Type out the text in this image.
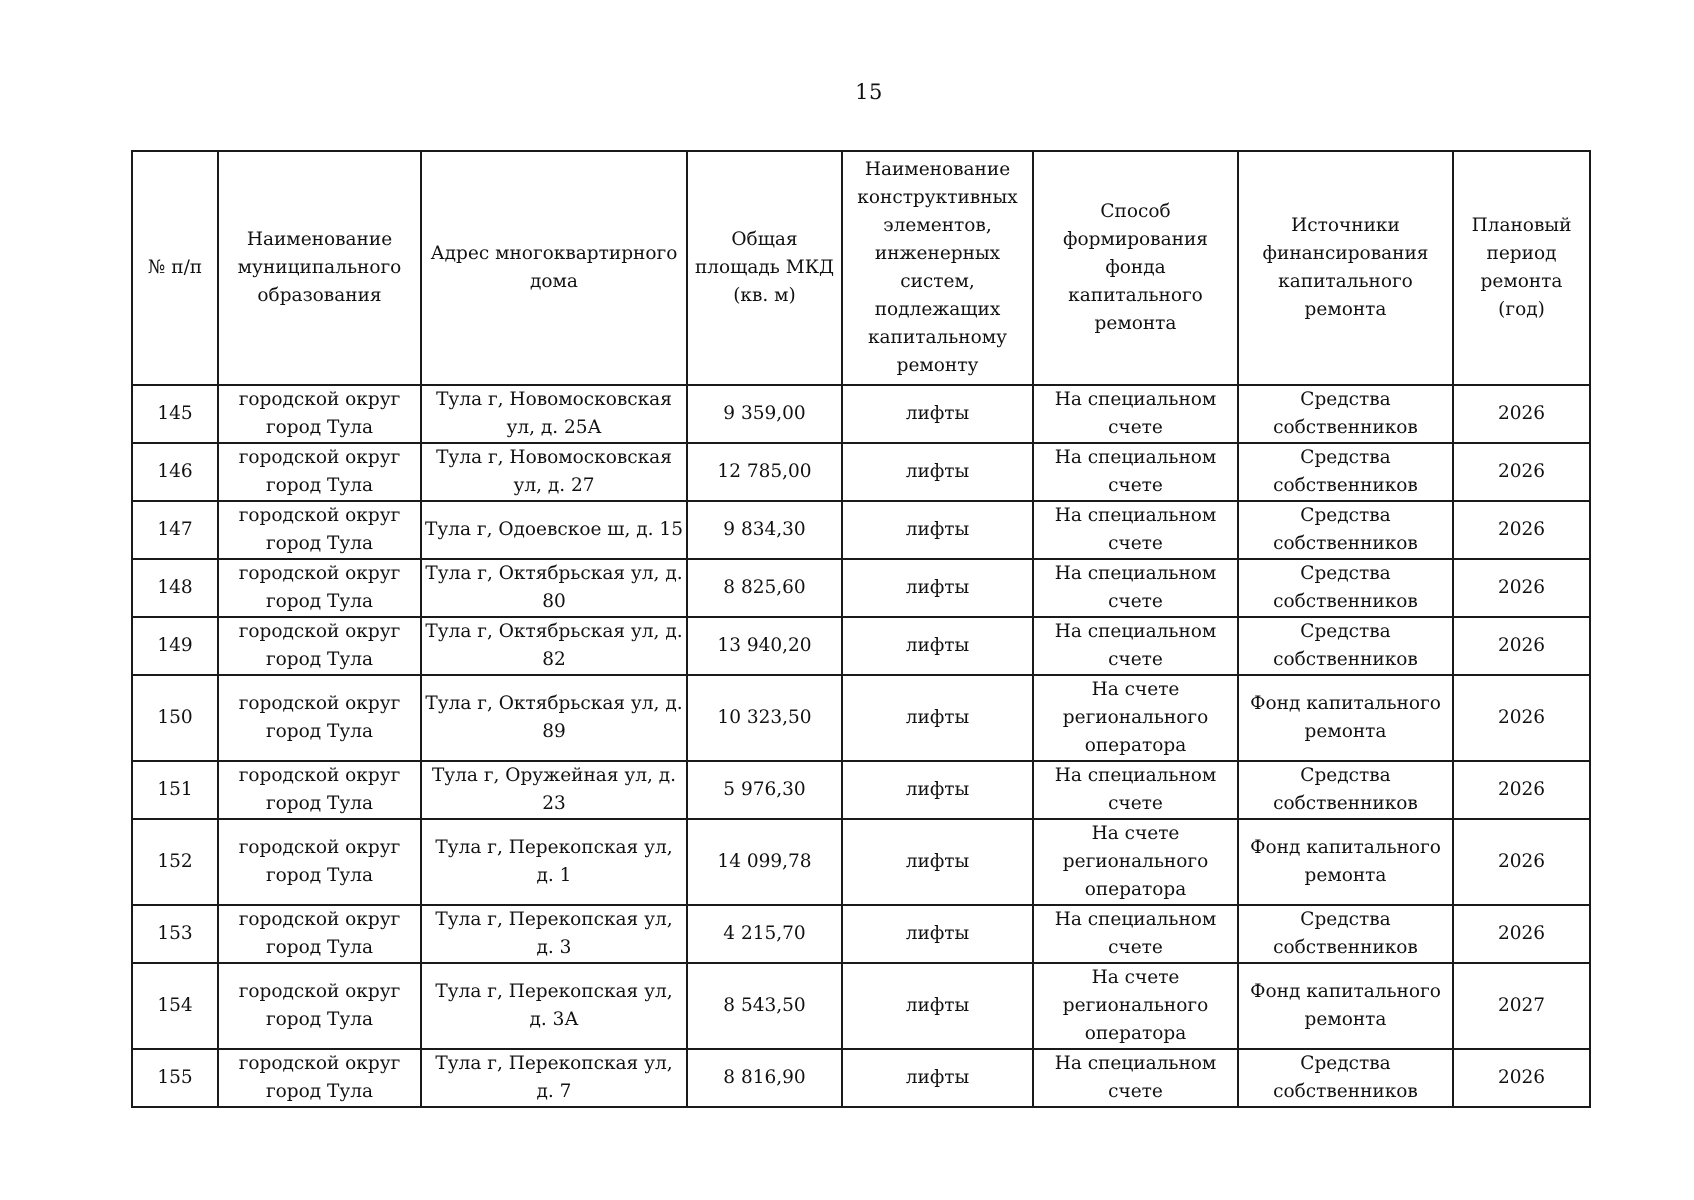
15
№ п/п	Наименование муниципального образования	Адрес многоквартирного дома	Общая площадь МКД (кв. м)	Наименование конструктивных элементов, инженерных систем, подлежащих капитальному ремонту	Способ формирования фонда капитального ремонта	Источники финансирования капитального ремонта	Плановый период ремонта (год)
145	городской округ город Тула	Тула г, Новомосковская ул, д. 25А	9 359,00	лифты	На специальном счете	Средства собственников	2026
146	городской округ город Тула	Тула г, Новомосковская ул, д. 27	12 785,00	лифты	На специальном счете	Средства собственников	2026
147	городской округ город Тула	Тула г, Одоевское ш, д. 15	9 834,30	лифты	На специальном счете	Средства собственников	2026
148	городской округ город Тула	Тула г, Октябрьская ул, д. 80	8 825,60	лифты	На специальном счете	Средства собственников	2026
149	городской округ город Тула	Тула г, Октябрьская ул, д. 82	13 940,20	лифты	На специальном счете	Средства собственников	2026
150	городской округ город Тула	Тула г, Октябрьская ул, д. 89	10 323,50	лифты	На счете регионального оператора	Фонд капитального ремонта	2026
151	городской округ город Тула	Тула г, Оружейная ул, д. 23	5 976,30	лифты	На специальном счете	Средства собственников	2026
152	городской округ город Тула	Тула г, Перекопская ул, д. 1	14 099,78	лифты	На счете регионального оператора	Фонд капитального ремонта	2026
153	городской округ город Тула	Тула г, Перекопская ул, д. 3	4 215,70	лифты	На специальном счете	Средства собственников	2026
154	городской округ город Тула	Тула г, Перекопская ул, д. 3А	8 543,50	лифты	На счете регионального оператора	Фонд капитального ремонта	2027
155	городской округ город Тула	Тула г, Перекопская ул, д. 7	8 816,90	лифты	На специальном счете	Средства собственников	2026
